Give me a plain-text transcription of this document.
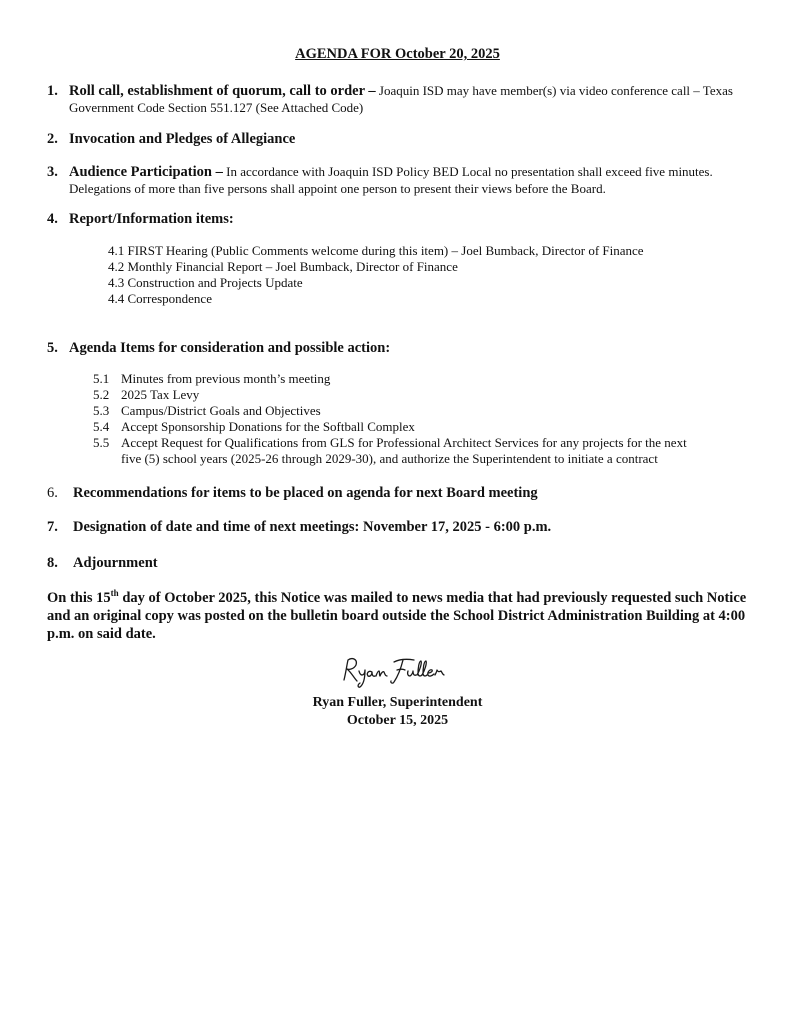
AGENDA FOR October 20, 2025
1. Roll call, establishment of quorum, call to order – Joaquin ISD may have member(s) via video conference call – Texas Government Code Section 551.127 (See Attached Code)
2. Invocation and Pledges of Allegiance
3. Audience Participation – In accordance with Joaquin ISD Policy BED Local no presentation shall exceed five minutes. Delegations of more than five persons shall appoint one person to present their views before the Board.
4. Report/Information items:
4.1 FIRST Hearing (Public Comments welcome during this item) – Joel Bumback, Director of Finance
4.2 Monthly Financial Report – Joel Bumback, Director of Finance
4.3 Construction and Projects Update
4.4 Correspondence
5. Agenda Items for consideration and possible action:
5.1 Minutes from previous month’s meeting
5.2 2025 Tax Levy
5.3 Campus/District Goals and Objectives
5.4 Accept Sponsorship Donations for the Softball Complex
5.5 Accept Request for Qualifications from GLS for Professional Architect Services for any projects for the next
five (5) school years (2025-26 through 2029-30), and authorize the Superintendent to initiate a contract
6. Recommendations for items to be placed on agenda for next Board meeting
7. Designation of date and time of next meetings: November 17, 2025 - 6:00 p.m.
8. Adjournment
On this 15th day of October 2025, this Notice was mailed to news media that had previously requested such Notice and an original copy was posted on the bulletin board outside the School District Administration Building at 4:00 p.m. on said date.
Ryan Fuller, Superintendent
October 15, 2025
